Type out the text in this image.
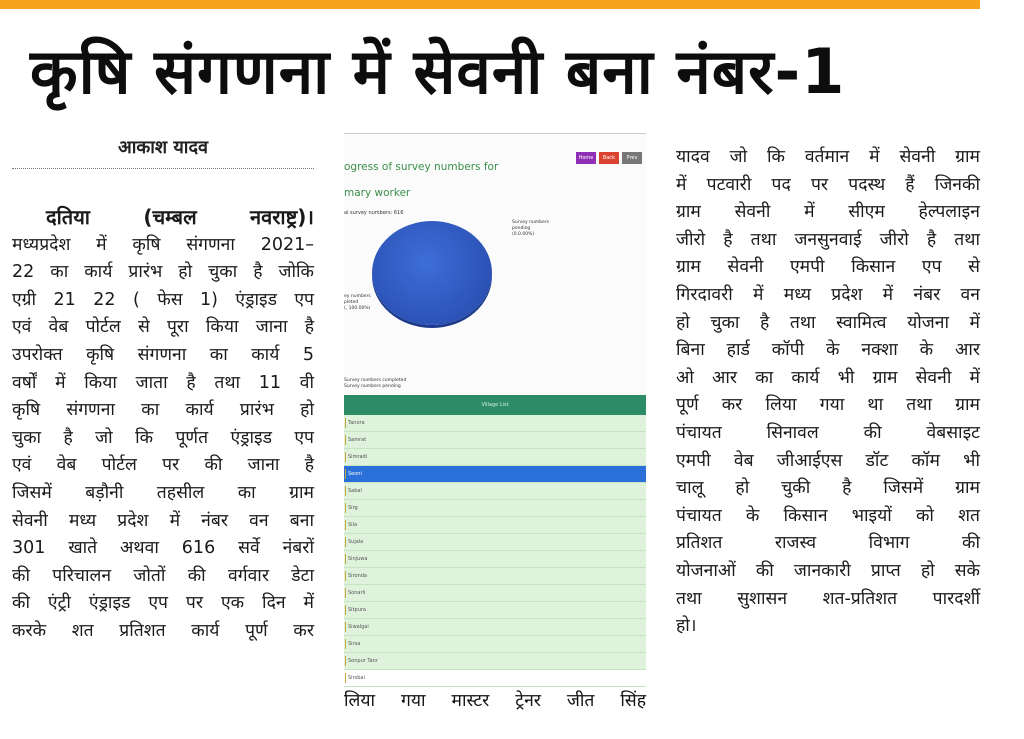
कृषि संगणना में सेवनी बना नंबर-1
आकाश यादव
दतिया (चम्बल नवराष्ट्र)।
मध्यप्रदेश में कृषि संगणना 2021–
22 का कार्य प्रारंभ हो चुका है जोकि
एग्री 21 22 ( फेस 1) एंड्राइड एप
एवं वेब पोर्टल से पूरा किया जाना है
उपरोक्त कृषि संगणना का कार्य 5
वर्षों में किया जाता है तथा 11 वी
कृषि संगणना का कार्य प्रारंभ हो
चुका है जो कि पूर्णत एंड्राइड एप
एवं वेब पोर्टल पर की जाना है
जिसमें बड़ौनी तहसील का ग्राम
सेवनी मध्य प्रदेश में नंबर वन बना
301 खाते अथवा 616 सर्वे नंबरों
की परिचालन जोतों की वर्गवार डेटा
की एंट्री एंड्राइड एप पर एक दिन में
करके शत प्रतिशत कार्य पूर्ण कर
ogress of survey numbers for
mary worker
Home	Back	Prev
al survey numbers: 616
Survey numbers
pending
(0.0.00%)
ey numbers
pleted
(, 100.00%)
Survey numbers completed
Survey numbers pending
Village List
Tanora
Samrat
Simradi
Seoni
Sabal
Sirg
Sila
Sujala
Sinjuwa
Sironda
Sonarli
Sitpura
Siwalgai
Sirsa
Sonpur Tanr
Sirsbai
लिया गया मास्टर ट्रेनर जीत सिंह
यादव जो कि वर्तमान में सेवनी ग्राम
में पटवारी पद पर पदस्थ हैं जिनकी
ग्राम सेवनी में सीएम हेल्पलाइन
जीरो है तथा जनसुनवाई जीरो है तथा
ग्राम सेवनी एमपी किसान एप से
गिरदावरी में मध्य प्रदेश में नंबर वन
हो चुका है तथा स्वामित्व योजना में
बिना हार्ड कॉपी के नक्शा के आर
ओ आर का कार्य भी ग्राम सेवनी में
पूर्ण कर लिया गया था तथा ग्राम
पंचायत सिनावल की वेबसाइट
एमपी वेब जीआईएस डॉट कॉम भी
चालू हो चुकी है जिसमें ग्राम
पंचायत के किसान भाइयों को शत
प्रतिशत राजस्व विभाग की
योजनाओं की जानकारी प्राप्त हो सके
तथा सुशासन शत-प्रतिशत पारदर्शी
हो।
